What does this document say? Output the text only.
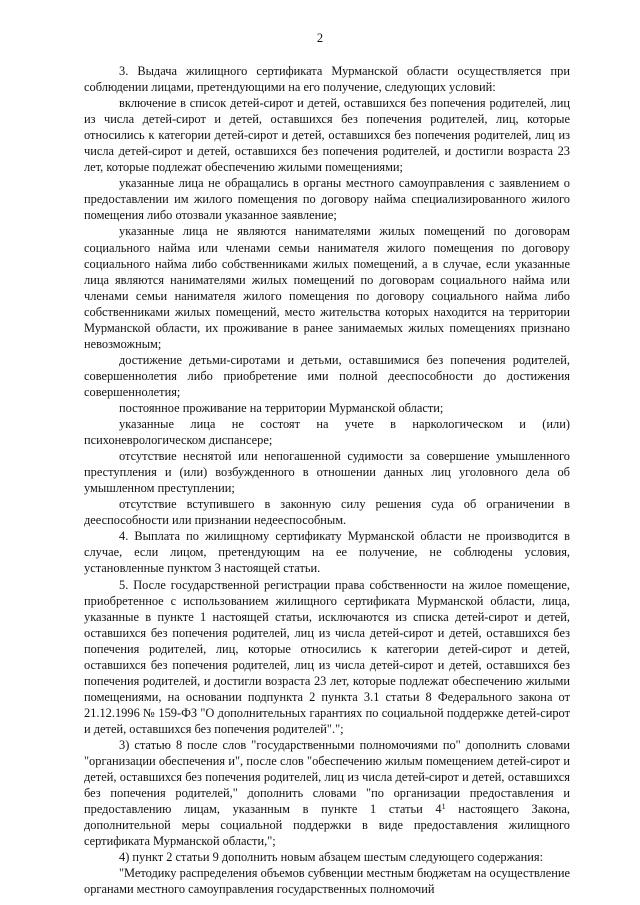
2

3. Выдача жилищного сертификата Мурманской области осуществляется при соблюдении лицами, претендующими на его получение, следующих условий:

включение в список детей-сирот и детей, оставшихся без попечения родителей, лиц из числа детей-сирот и детей, оставшихся без попечения родителей, лиц, которые относились к категории детей-сирот и детей, оставшихся без попечения родителей, лиц из числа детей-сирот и детей, оставшихся без попечения родителей, и достигли возраста 23 лет, которые подлежат обеспечению жилыми помещениями;

указанные лица не обращались в органы местного самоуправления с заявлением о предоставлении им жилого помещения по договору найма специализированного жилого помещения либо отозвали указанное заявление;

указанные лица не являются нанимателями жилых помещений по договорам социального найма или членами семьи нанимателя жилого помещения по договору социального найма либо собственниками жилых помещений, а в случае, если указанные лица являются нанимателями жилых помещений по договорам социального найма или членами семьи нанимателя жилого помещения по договору социального найма либо собственниками жилых помещений, место жительства которых находится на территории Мурманской области, их проживание в ранее занимаемых жилых помещениях признано невозможным;

достижение детьми-сиротами и детьми, оставшимися без попечения родителей, совершеннолетия либо приобретение ими полной дееспособности до достижения совершеннолетия;

постоянное проживание на территории Мурманской области;

указанные лица не состоят на учете в наркологическом и (или) психоневрологическом диспансере;

отсутствие неснятой или непогашенной судимости за совершение умышленного преступления и (или) возбужденного в отношении данных лиц уголовного дела об умышленном преступлении;

отсутствие вступившего в законную силу решения суда об ограничении в дееспособности или признании недееспособным.

4. Выплата по жилищному сертификату Мурманской области не производится в случае, если лицом, претендующим на ее получение, не соблюдены условия, установленные пунктом 3 настоящей статьи.

5. После государственной регистрации права собственности на жилое помещение, приобретенное с использованием жилищного сертификата Мурманской области, лица, указанные в пункте 1 настоящей статьи, исключаются из списка детей-сирот и детей, оставшихся без попечения родителей, лиц из числа детей-сирот и детей, оставшихся без попечения родителей, лиц, которые относились к категории детей-сирот и детей, оставшихся без попечения родителей, лиц из числа детей-сирот и детей, оставшихся без попечения родителей, и достигли возраста 23 лет, которые подлежат обеспечению жилыми помещениями, на основании подпункта 2 пункта 3.1 статьи 8 Федерального закона от 21.12.1996 № 159-ФЗ "О дополнительных гарантиях по социальной поддержке детей-сирот и детей, оставшихся без попечения родителей".";

3) статью 8 после слов "государственными полномочиями по" дополнить словами "организации обеспечения и", после слов "обеспечению жилым помещением детей-сирот и детей, оставшихся без попечения родителей, лиц из числа детей-сирот и детей, оставшихся без попечения родителей," дополнить словами "по организации предоставления и предоставлению лицам, указанным в пункте 1 статьи $4^1$ настоящего Закона, дополнительной меры социальной поддержки в виде предоставления жилищного сертификата Мурманской области,";

4) пункт 2 статьи 9 дополнить новым абзацем шестым следующего содержания:

"Методику распределения объемов субвенции местным бюджетам на осуществление органами местного самоуправления государственных полномочий
